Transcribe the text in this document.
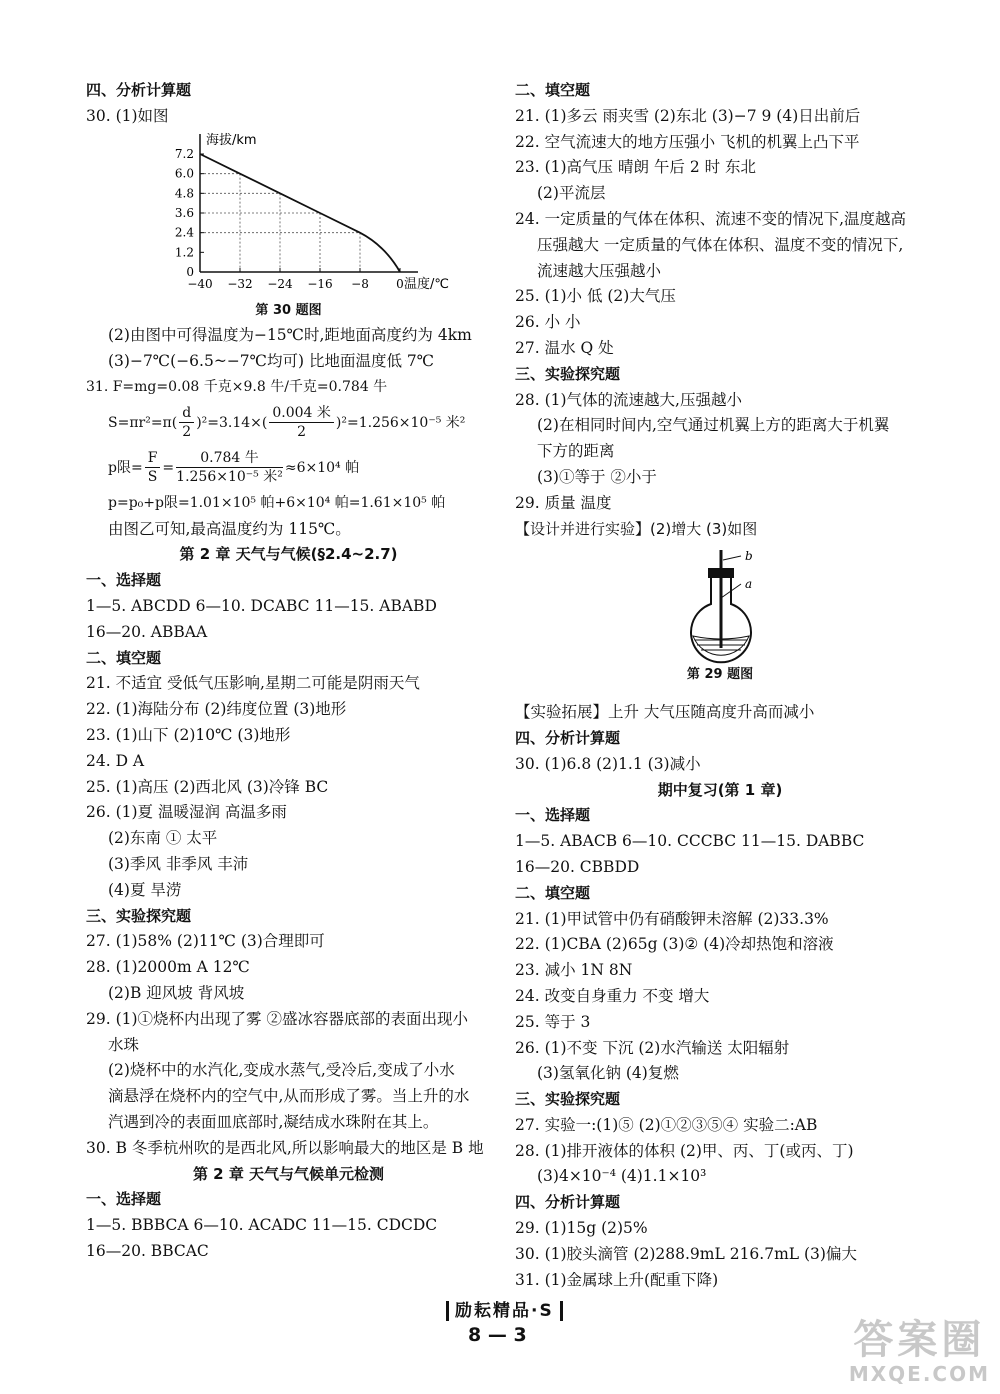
四、分析计算题
30. (1)如图
7.2
6.0
4.8
3.6
2.4
1.2
0
−40 −32 −24 −16 −8 0
海拔/km
温度/℃
第 30 题图
(2)由图中可得温度为−15℃时,距地面高度约为 4km
(3)−7℃(−6.5~−7℃均可) 比地面温度低 7℃
31. F=mg=0.08 千克×9.8 牛/千克=0.784 牛
$S=\pi r^2=\pi( \frac{d}{2} )^2=3.14\times( \frac{\text{0.004 米}}{2} )^2=1.256\times 10^{-5}$ 米²
p限= $\frac{F}{S} = \frac{\text{0.784 牛}}{\text{1.256×10⁻⁵ 米²}} \approx 6\times 10^4$ 帕
p=p₀+p限=1.01×10⁵ 帕+6×10⁴ 帕=1.61×10⁵ 帕
由图乙可知,最高温度约为 115℃。
第 2 章 天气与气候(§2.4~2.7)
一、选择题
1—5. ABCDD 6—10. DCABC 11—15. ABABD
16—20. ABBAA
二、填空题
21. 不适宜 受低气压影响,星期二可能是阴雨天气
22. (1)海陆分布 (2)纬度位置 (3)地形
23. (1)山下 (2)10℃ (3)地形
24. D A
25. (1)高压 (2)西北风 (3)冷锋 BC
26. (1)夏 温暖湿润 高温多雨
(2)东南 ① 太平
(3)季风 非季风 丰沛
(4)夏 旱涝
三、实验探究题
27. (1)58% (2)11℃ (3)合理即可
28. (1)2000m A 12℃
(2)B 迎风坡 背风坡
29. (1)①烧杯内出现了雾 ②盛冰容器底部的表面出现小
水珠
(2)烧杯中的水汽化,变成水蒸气,受冷后,变成了小水
滴悬浮在烧杯内的空气中,从而形成了雾。当上升的水
汽遇到冷的表面皿底部时,凝结成水珠附在其上。
30. B 冬季杭州吹的是西北风,所以影响最大的地区是 B 地
第 2 章 天气与气候单元检测
一、选择题
1—5. BBBCA 6—10. ACADC 11—15. CDCDC
16—20. BBCAC
二、填空题
21. (1)多云 雨夹雪 (2)东北 (3)−7 9 (4)日出前后
22. 空气流速大的地方压强小 飞机的机翼上凸下平
23. (1)高气压 晴朗 午后 2 时 东北
(2)平流层
24. 一定质量的气体在体积、流速不变的情况下,温度越高
压强越大 一定质量的气体在体积、温度不变的情况下,
流速越大压强越小
25. (1)小 低 (2)大气压
26. 小 小
27. 温水 Q 处
三、实验探究题
28. (1)气体的流速越大,压强越小
(2)在相同时间内,空气通过机翼上方的距离大于机翼
下方的距离
(3)①等于 ②小于
29. 质量 温度
【设计并进行实验】(2)增大 (3)如图
b
a
第 29 题图
【实验拓展】上升 大气压随高度升高而减小
四、分析计算题
30. (1)6.8 (2)1.1 (3)减小
期中复习(第 1 章)
一、选择题
1—5. ABACB 6—10. CCCBC 11—15. DABBC
16—20. CBBDD
二、填空题
21. (1)甲试管中仍有硝酸钾未溶解 (2)33.3%
22. (1)CBA (2)65g (3)② (4)冷却热饱和溶液
23. 减小 1N 8N
24. 改变自身重力 不变 增大
25. 等于 3
26. (1)不变 下沉 (2)水汽输送 太阳辐射
(3)氢氧化钠 (4)复燃
三、实验探究题
27. 实验一:(1)⑤ (2)①②③⑤④ 实验二:AB
28. (1)排开液体的体积 (2)甲、丙、丁(或丙、丁)
(3)4×10⁻⁴ (4)1.1×10³
四、分析计算题
29. (1)15g (2)5%
30. (1)胶头滴管 (2)288.9mL 216.7mL (3)偏大
31. (1)金属球上升(配重下降)
励耘精品·S
8 — 3	答案圈
MXQE.COM
